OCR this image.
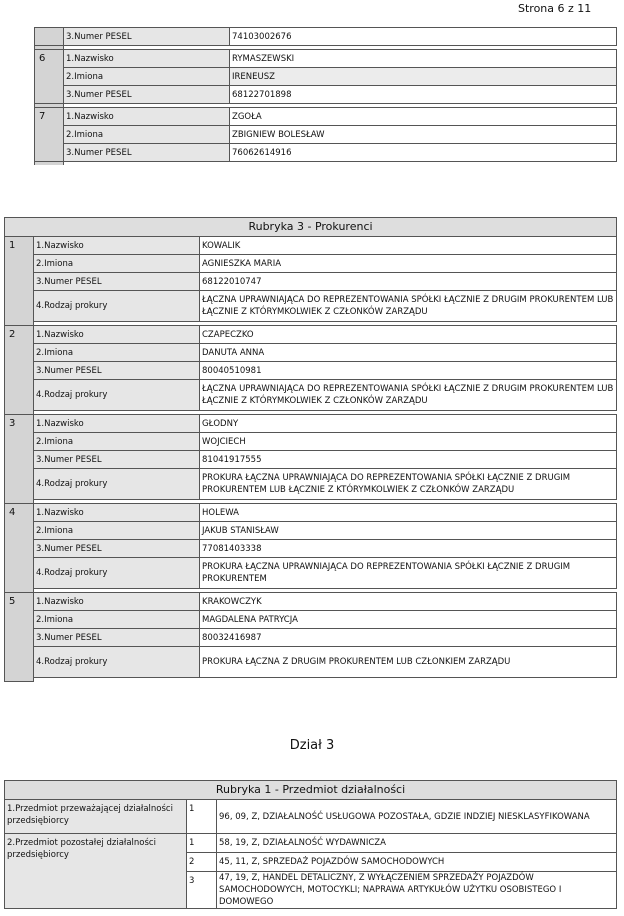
Strona 6 z 11
	3.Numer PESEL	74103002676

6	1.Nazwisko	RYMASZEWSKI
	2.Imiona	IRENEUSZ
	3.Numer PESEL	68122701898

7	1.Nazwisko	ZGOŁA
	2.Imiona	ZBIGNIEW BOLESŁAW
	3.Numer PESEL	76062614916

Rubryka 3 - Prokurenci		
1	1.Nazwisko	KOWALIK
	2.Imiona	AGNIESZKA MARIA
	3.Numer PESEL	68122010747
	4.Rodzaj prokury	ŁĄCZNA UPRAWNIAJĄCA DO REPREZENTOWANIA SPÓŁKI ŁĄCZNIE Z DRUGIM PROKURENTEM LUB ŁĄCZNIE Z KTÓRYMKOLWIEK Z CZŁONKÓW ZARZĄDU

2	1.Nazwisko	CZAPECZKO
	2.Imiona	DANUTA ANNA
	3.Numer PESEL	80040510981
	4.Rodzaj prokury	ŁĄCZNA UPRAWNIAJĄCA DO REPREZENTOWANIA SPÓŁKI ŁĄCZNIE Z DRUGIM PROKURENTEM LUB ŁĄCZNIE Z KTÓRYMKOLWIEK Z CZŁONKÓW ZARZĄDU

3	1.Nazwisko	GŁODNY
	2.Imiona	WOJCIECH
	3.Numer PESEL	81041917555
	4.Rodzaj prokury	PROKURA ŁĄCZNA UPRAWNIAJĄCA DO REPREZENTOWANIA SPÓŁKI ŁĄCZNIE Z DRUGIM PROKURENTEM LUB ŁĄCZNIE Z KTÓRYMKOLWIEK Z CZŁONKÓW ZARZĄDU

4	1.Nazwisko	HOLEWA
	2.Imiona	JAKUB STANISŁAW
	3.Numer PESEL	77081403338
	4.Rodzaj prokury	PROKURA ŁĄCZNA UPRAWNIAJĄCA DO REPREZENTOWANIA SPÓŁKI ŁĄCZNIE Z DRUGIM PROKURENTEM

5	1.Nazwisko	KRAKOWCZYK
	2.Imiona	MAGDALENA PATRYCJA
	3.Numer PESEL	80032416987
	4.Rodzaj prokury	PROKURA ŁĄCZNA Z DRUGIM PROKURENTEM LUB CZŁONKIEM ZARZĄDU

Dział 3
Rubryka 1 - Przedmiot działalności		
1.Przedmiot przeważającej działalności przedsiębiorcy	1	96, 09, Z, DZIAŁALNOŚĆ USŁUGOWA POZOSTAŁA, GDZIE INDZIEJ NIESKLASYFIKOWANA
2.Przedmiot pozostałej działalności przedsiębiorcy	1	58, 19, Z, DZIAŁALNOŚĆ WYDAWNICZA
	2	45, 11, Z, SPRZEDAŻ POJAZDÓW SAMOCHODOWYCH
	3	47, 19, Z, HANDEL DETALICZNY, Z WYŁĄCZENIEM SPRZEDAŻY POJAZDÓW SAMOCHODOWYCH, MOTOCYKLI; NAPRAWA ARTYKUŁÓW UŻYTKU OSOBISTEGO I DOMOWEGO
